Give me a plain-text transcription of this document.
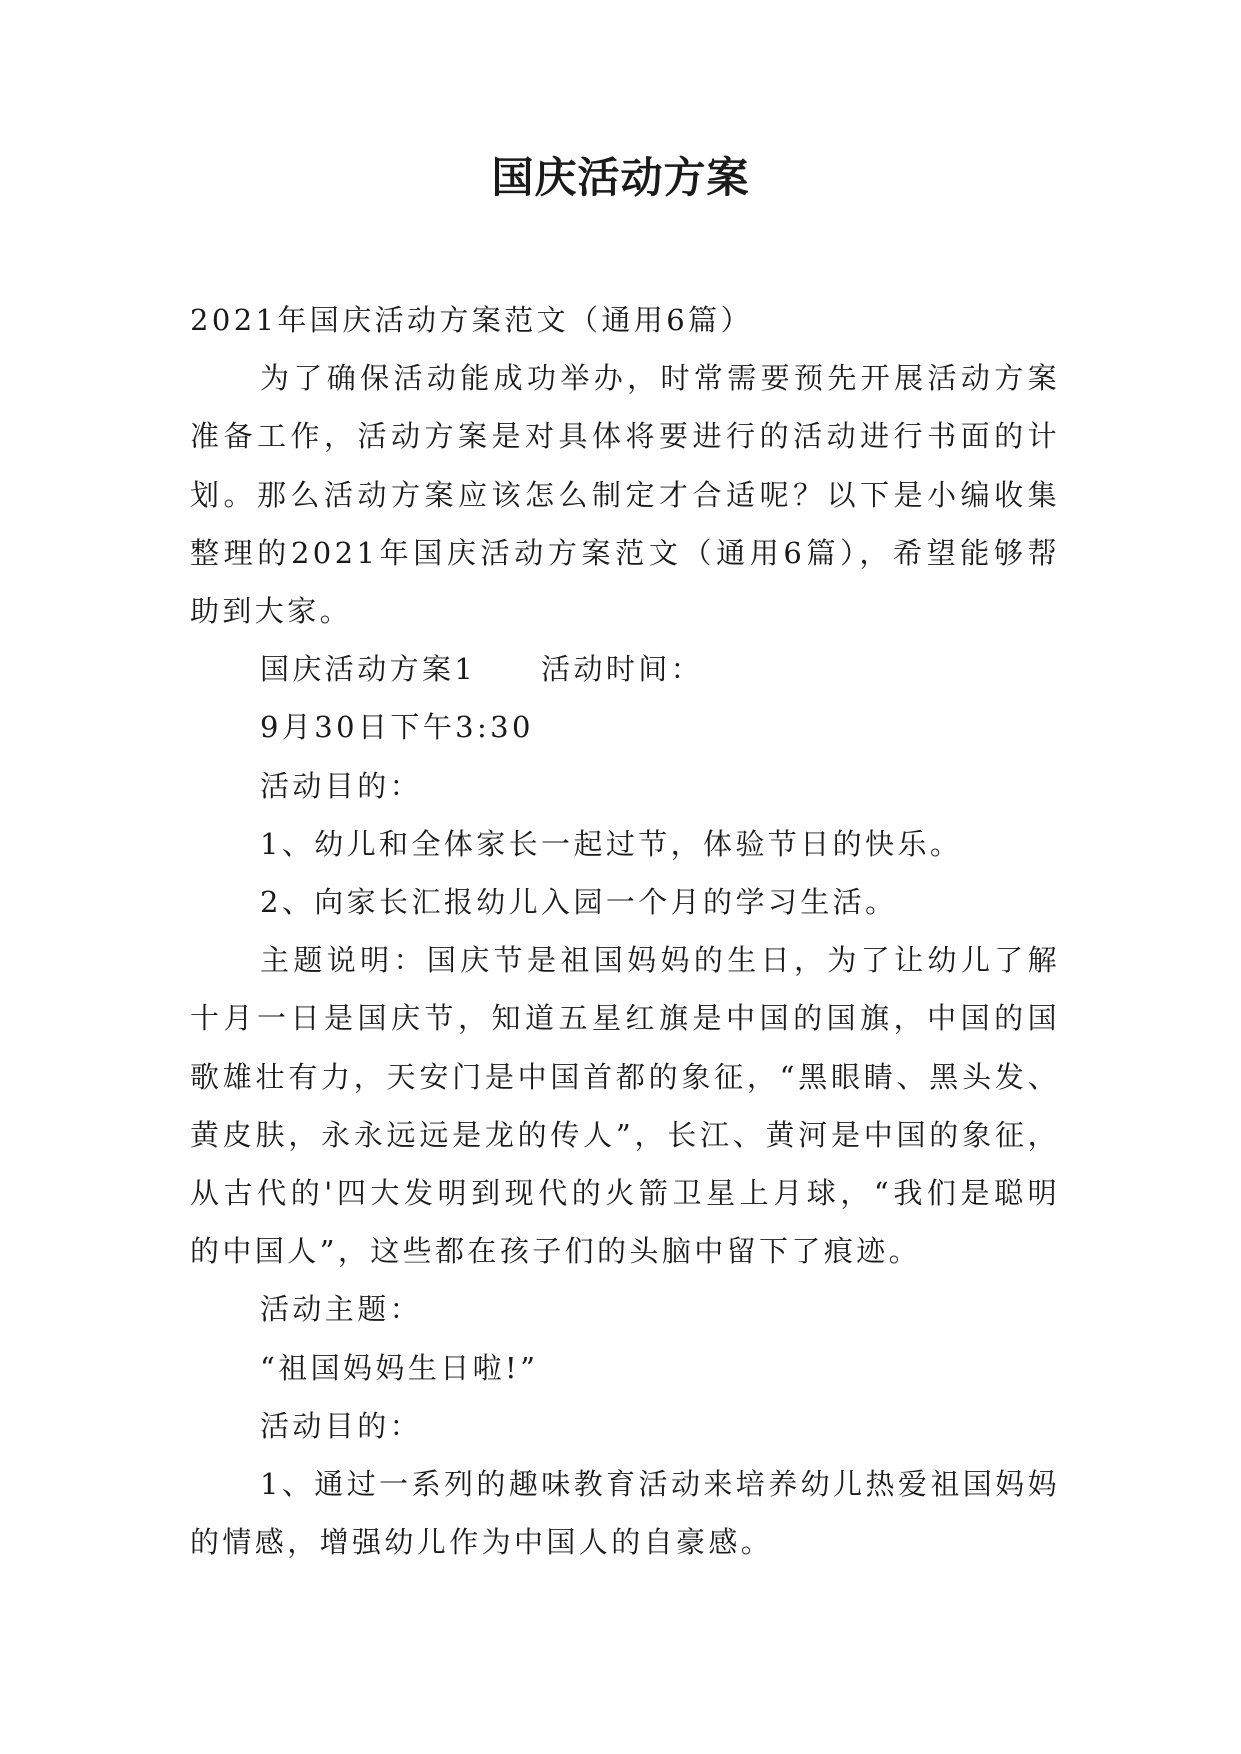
国庆活动方案

2021年国庆活动方案范文（通用6篇）

为了确保活动能成功举办，时常需要预先开展活动方案准备工作，活动方案是对具体将要进行的活动进行书面的计划。那么活动方案应该怎么制定才合适呢？以下是小编收集整理的2021年国庆活动方案范文（通用6篇），希望能够帮助到大家。

国庆活动方案1　　活动时间：

9月30日下午3:30

活动目的：

1、幼儿和全体家长一起过节，体验节日的快乐。

2、向家长汇报幼儿入园一个月的学习生活。

主题说明：国庆节是祖国妈妈的生日，为了让幼儿了解十月一日是国庆节，知道五星红旗是中国的国旗，中国的国歌雄壮有力，天安门是中国首都的象征，“黑眼睛、黑头发、黄皮肤，永永远远是龙的传人”，长江、黄河是中国的象征，从古代的'四大发明到现代的火箭卫星上月球，“我们是聪明的中国人”，这些都在孩子们的头脑中留下了痕迹。

活动主题：

“祖国妈妈生日啦!”

活动目的：

1、通过一系列的趣味教育活动来培养幼儿热爱祖国妈妈的情感，增强幼儿作为中国人的自豪感。
